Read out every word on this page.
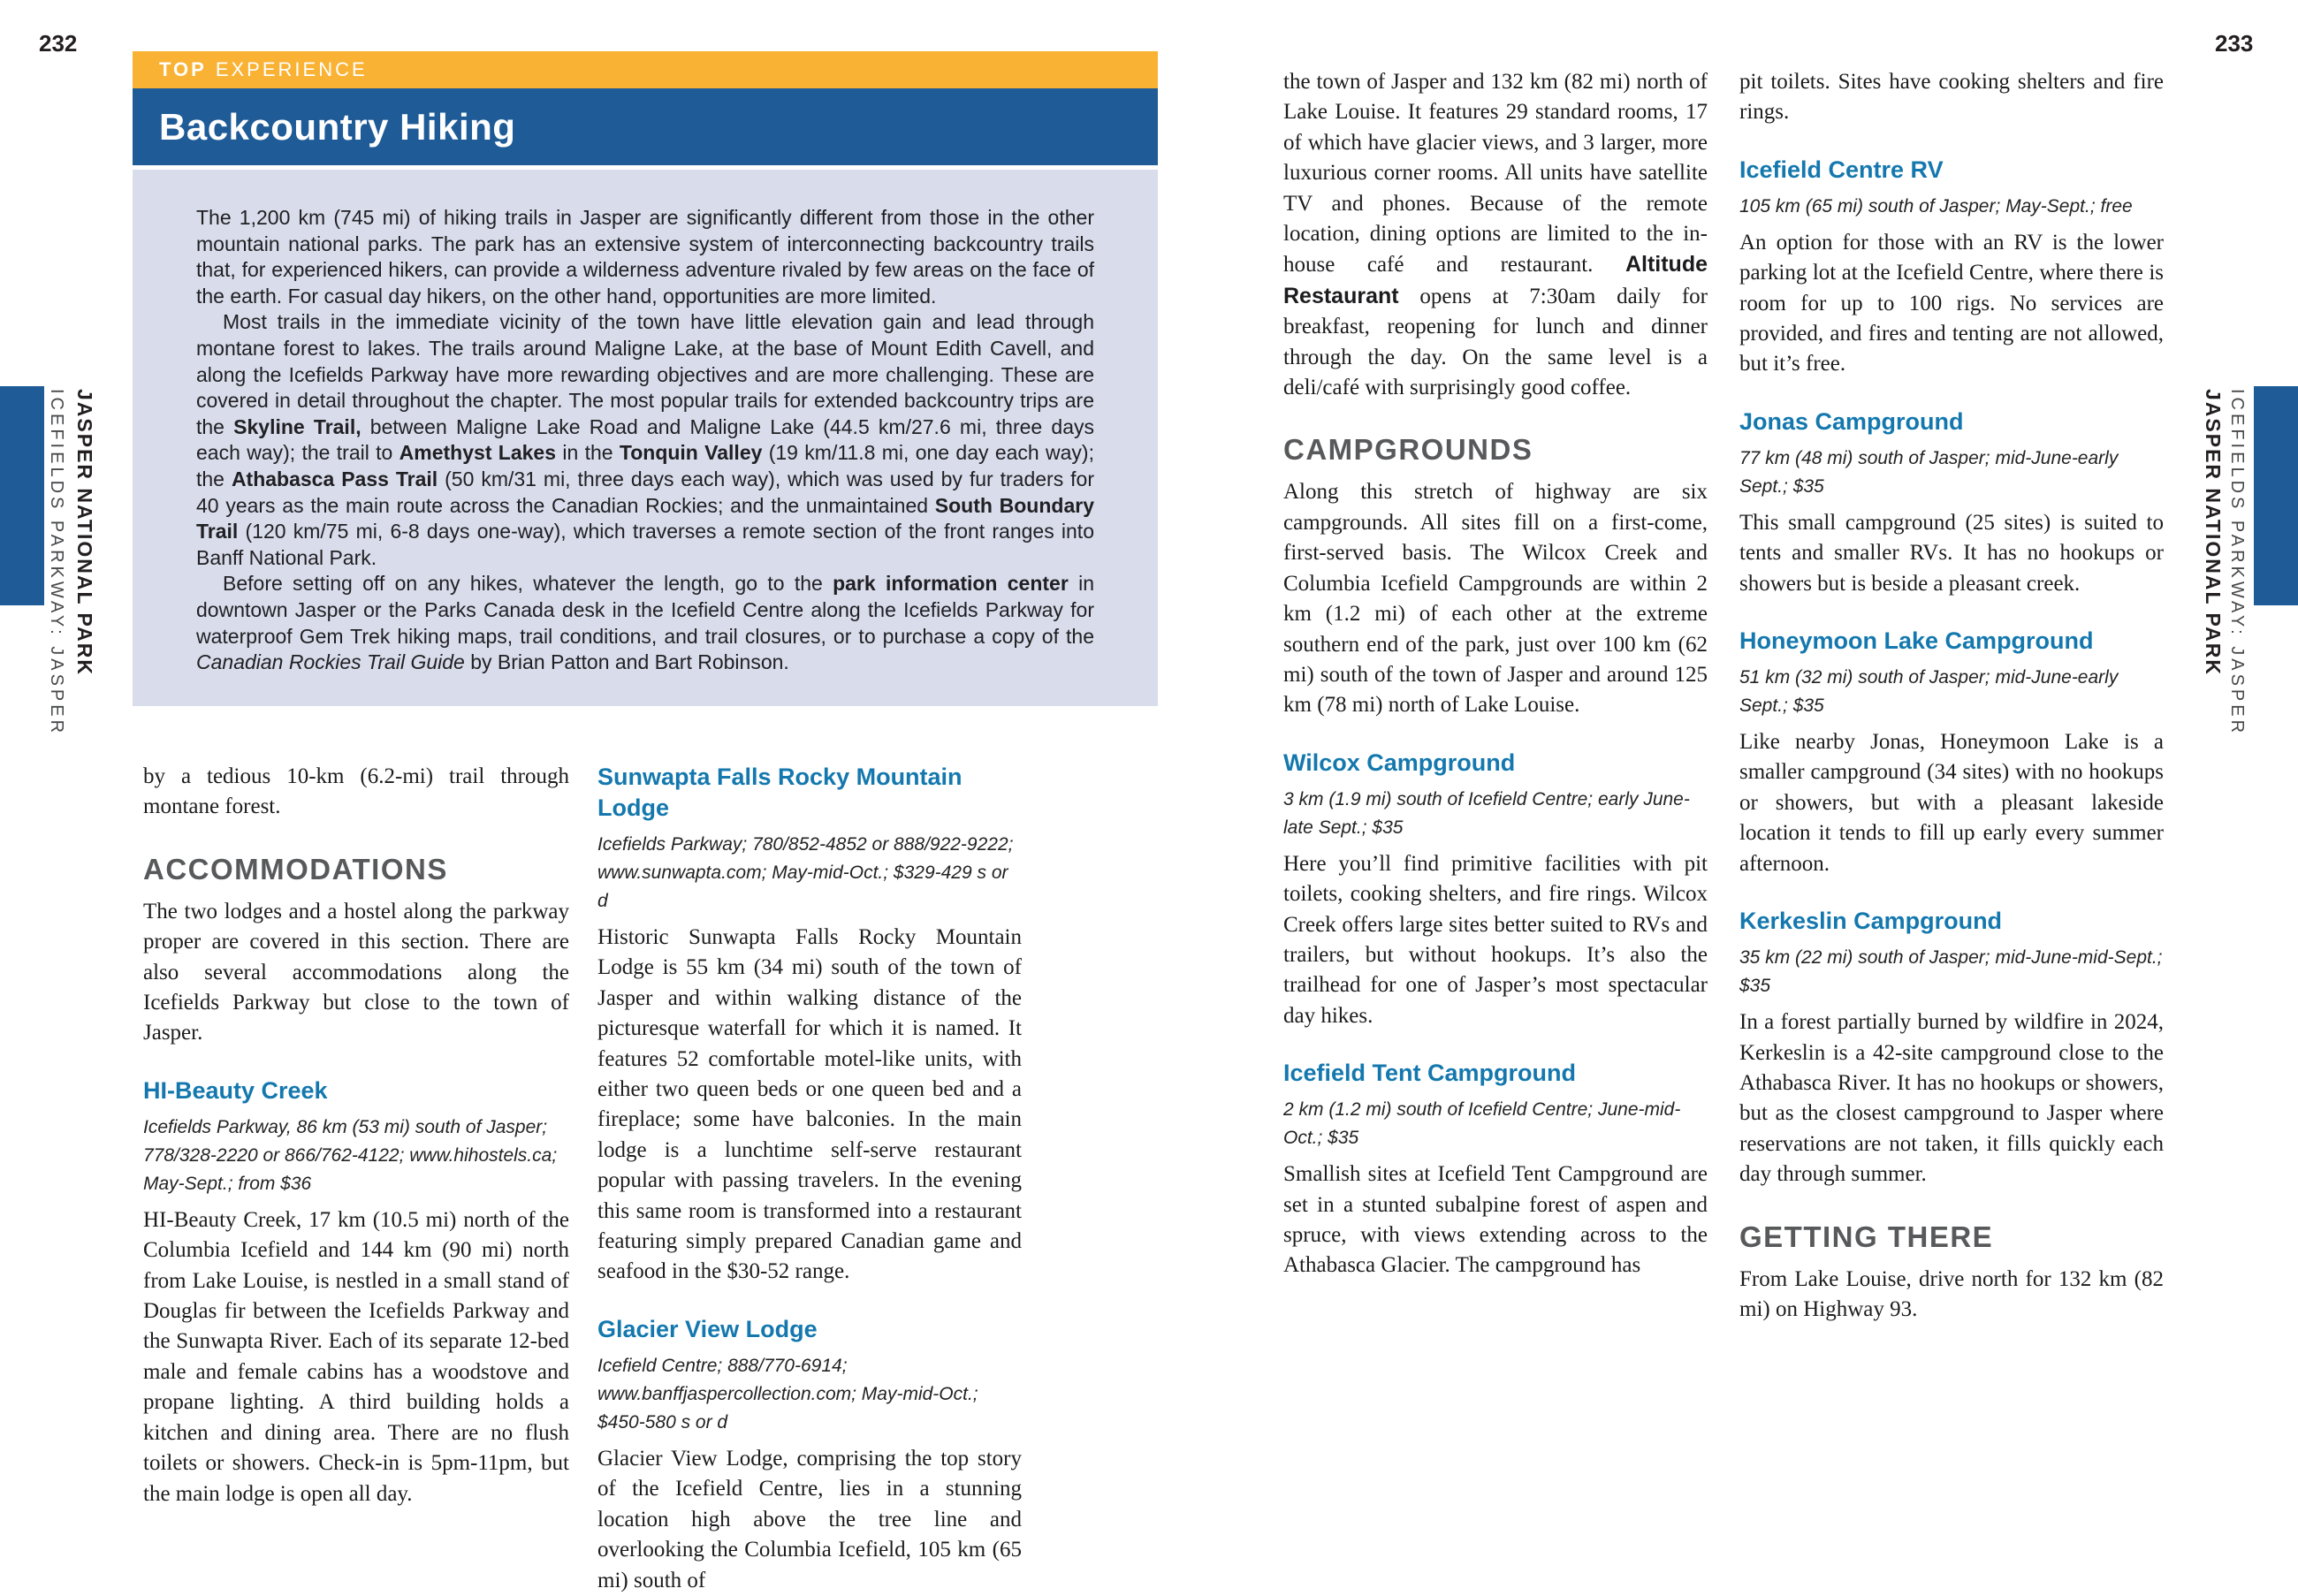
232	233
ICEFIELDS PARKWAY: JASPER JASPER NATIONAL PARK	JASPER NATIONAL PARK ICEFIELDS PARKWAY: JASPER
TOP EXPERIENCE
Backcountry Hiking

The 1,200 km (745 mi) of hiking trails in Jasper are significantly different from those in the other mountain national parks. The park has an extensive system of interconnecting backcountry trails that, for experienced hikers, can provide a wilderness adventure rivaled by few areas on the face of the earth. For casual day hikers, on the other hand, opportunities are more limited.

Most trails in the immediate vicinity of the town have little elevation gain and lead through montane forest to lakes. The trails around Maligne Lake, at the base of Mount Edith Cavell, and along the Icefields Parkway have more rewarding objectives and are more challenging. These are covered in detail throughout the chapter. The most popular trails for extended backcountry trips are the Skyline Trail, between Maligne Lake Road and Maligne Lake (44.5 km/27.6 mi, three days each way); the trail to Amethyst Lakes in the Tonquin Valley (19 km/11.8 mi, one day each way); the Athabasca Pass Trail (50 km/31 mi, three days each way), which was used by fur traders for 40 years as the main route across the Canadian Rockies; and the unmaintained South Boundary Trail (120 km/75 mi, 6-8 days one-way), which traverses a remote section of the front ranges into Banff National Park.

Before setting off on any hikes, whatever the length, go to the park information center in downtown Jasper or the Parks Canada desk in the Icefield Centre along the Icefields Parkway for waterproof Gem Trek hiking maps, trail conditions, and trail closures, or to purchase a copy of the Canadian Rockies Trail Guide by Brian Patton and Bart Robinson.

by a tedious 10-km (6.2-mi) trail through montane forest.

ACCOMMODATIONS

The two lodges and a hostel along the parkway proper are covered in this section. There are also several accommodations along the Icefields Parkway but close to the town of Jasper.

HI-Beauty Creek

Icefields Parkway, 86 km (53 mi) south of Jasper; 778/328-2220 or 866/762-4122; www.hihostels.ca; May-Sept.; from $36

HI-Beauty Creek, 17 km (10.5 mi) north of the Columbia Icefield and 144 km (90 mi) north from Lake Louise, is nestled in a small stand of Douglas fir between the Icefields Parkway and the Sunwapta River. Each of its separate 12-bed male and female cabins has a woodstove and propane lighting. A third building holds a kitchen and dining area. There are no flush toilets or showers. Check-in is 5pm-11pm, but the main lodge is open all day.

Sunwapta Falls Rocky Mountain Lodge

Icefields Parkway; 780/852-4852 or 888/922-9222; www.sunwapta.com; May-mid-Oct.; $329-429 s or d

Historic Sunwapta Falls Rocky Mountain Lodge is 55 km (34 mi) south of the town of Jasper and within walking distance of the picturesque waterfall for which it is named. It features 52 comfortable motel-like units, with either two queen beds or one queen bed and a fireplace; some have balconies. In the main lodge is a lunchtime self-serve restaurant popular with passing travelers. In the evening this same room is transformed into a restaurant featuring simply prepared Canadian game and seafood in the $30-52 range.

Glacier View Lodge

Icefield Centre; 888/770-6914; www.banffjaspercollection.com; May-mid-Oct.; $450-580 s or d

Glacier View Lodge, comprising the top story of the Icefield Centre, lies in a stunning location high above the tree line and overlooking the Columbia Icefield, 105 km (65 mi) south of

the town of Jasper and 132 km (82 mi) north of Lake Louise. It features 29 standard rooms, 17 of which have glacier views, and 3 larger, more luxurious corner rooms. All units have satellite TV and phones. Because of the remote location, dining options are limited to the in-house café and restaurant. Altitude Restaurant opens at 7:30am daily for breakfast, reopening for lunch and dinner through the day. On the same level is a deli/café with surprisingly good coffee.

CAMPGROUNDS

Along this stretch of highway are six campgrounds. All sites fill on a first-come, first-served basis. The Wilcox Creek and Columbia Icefield Campgrounds are within 2 km (1.2 mi) of each other at the extreme southern end of the park, just over 100 km (62 mi) south of the town of Jasper and around 125 km (78 mi) north of Lake Louise.

Wilcox Campground

3 km (1.9 mi) south of Icefield Centre; early June-late Sept.; $35

Here you’ll find primitive facilities with pit toilets, cooking shelters, and fire rings. Wilcox Creek offers large sites better suited to RVs and trailers, but without hookups. It’s also the trailhead for one of Jasper’s most spectacular day hikes.

Icefield Tent Campground

2 km (1.2 mi) south of Icefield Centre; June-mid-Oct.; $35

Smallish sites at Icefield Tent Campground are set in a stunted subalpine forest of aspen and spruce, with views extending across to the Athabasca Glacier. The campground has

pit toilets. Sites have cooking shelters and fire rings.

Icefield Centre RV

105 km (65 mi) south of Jasper; May-Sept.; free

An option for those with an RV is the lower parking lot at the Icefield Centre, where there is room for up to 100 rigs. No services are provided, and fires and tenting are not allowed, but it’s free.

Jonas Campground

77 km (48 mi) south of Jasper; mid-June-early Sept.; $35

This small campground (25 sites) is suited to tents and smaller RVs. It has no hookups or showers but is beside a pleasant creek.

Honeymoon Lake Campground

51 km (32 mi) south of Jasper; mid-June-early Sept.; $35

Like nearby Jonas, Honeymoon Lake is a smaller campground (34 sites) with no hookups or showers, but with a pleasant lakeside location it tends to fill up early every summer afternoon.

Kerkeslin Campground

35 km (22 mi) south of Jasper; mid-June-mid-Sept.; $35

In a forest partially burned by wildfire in 2024, Kerkeslin is a 42-site campground close to the Athabasca River. It has no hookups or showers, but as the closest campground to Jasper where reservations are not taken, it fills quickly each day through summer.

GETTING THERE

From Lake Louise, drive north for 132 km (82 mi) on Highway 93.
